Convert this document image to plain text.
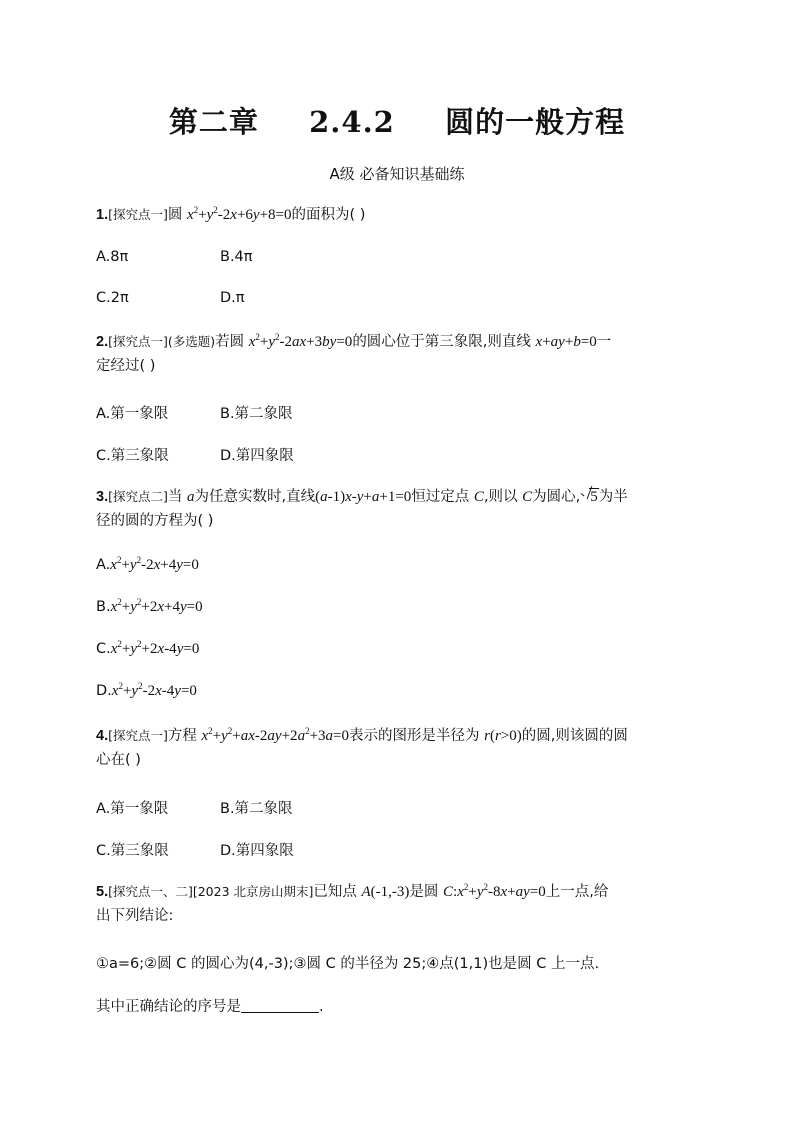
第二章 2.4.2 圆的一般方程
A级 必备知识基础练
1.[探究点一]圆 $x^2+y^2-2x+6y+8=0$的面积为( )
A.8π	B.4π
C.2π	D.π
2.[探究点一](多选题)若圆 $x^2+y^2-2ax+3by=0$的圆心位于第三象限,则直线 x+ay+b=0一
定经过( )
A.第一象限	B.第二象限
C.第三象限	D.第四象限
3.[探究点二]当 a为任意实数时,直线(a-1)x-y+a+1=0恒过定点 C,则以 C为圆心, 5为半
径的圆的方程为( )
$A.x^2+y^2-2x+4y=0$
$B.x^2+y^2+2x+4y=0$
$C.x^2+y^2+2x-4y=0$
$D.x^2+y^2-2x-4y=0$
4.[探究点一]方程 $x^2+y^2+ax-2ay+2a^2+3a=0$表示的图形是半径为 r(r>0)的圆,则该圆的圆
心在( )
A.第一象限	B.第二象限
C.第三象限	D.第四象限
5.[探究点一、二][2023 北京房山期末]已知点 A(-1,-3)是圆 $C:x^2+y^2-8x+ay=0$上一点,给
出下列结论:
①a=6;②圆 C 的圆心为(4,-3);③圆 C 的半径为 25;④点(1,1)也是圆 C 上一点.
其中正确结论的序号是	.
